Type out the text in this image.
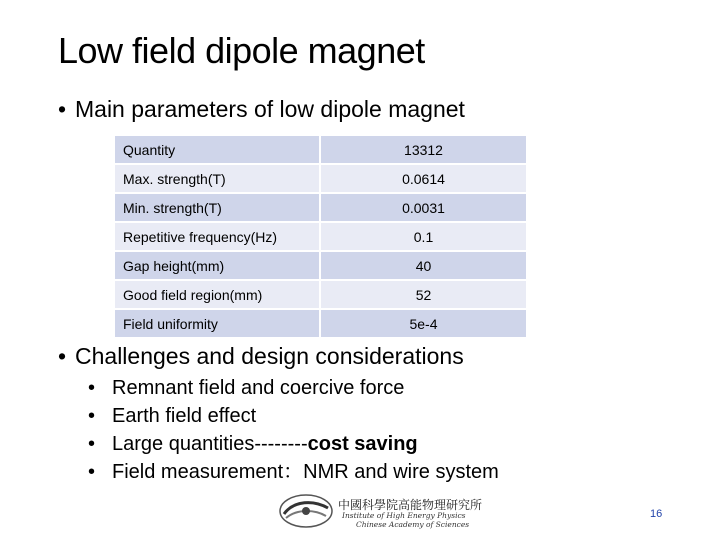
Low field dipole magnet
• Main parameters of low dipole magnet
Quantity	13312
Max. strength(T)	0.0614
Min. strength(T)	0.0031
Repetitive frequency(Hz)	0.1
Gap height(mm)	40
Good field region(mm)	52
Field uniformity	5e-4
• Challenges and design considerations
• Remnant field and coercive force
• Earth field effect
• Large quantities--------cost saving
• Field measurement：NMR and wire system
中國科學院高能物理研究所
Institute of High Energy Physics
Chinese Academy of Sciences
16
